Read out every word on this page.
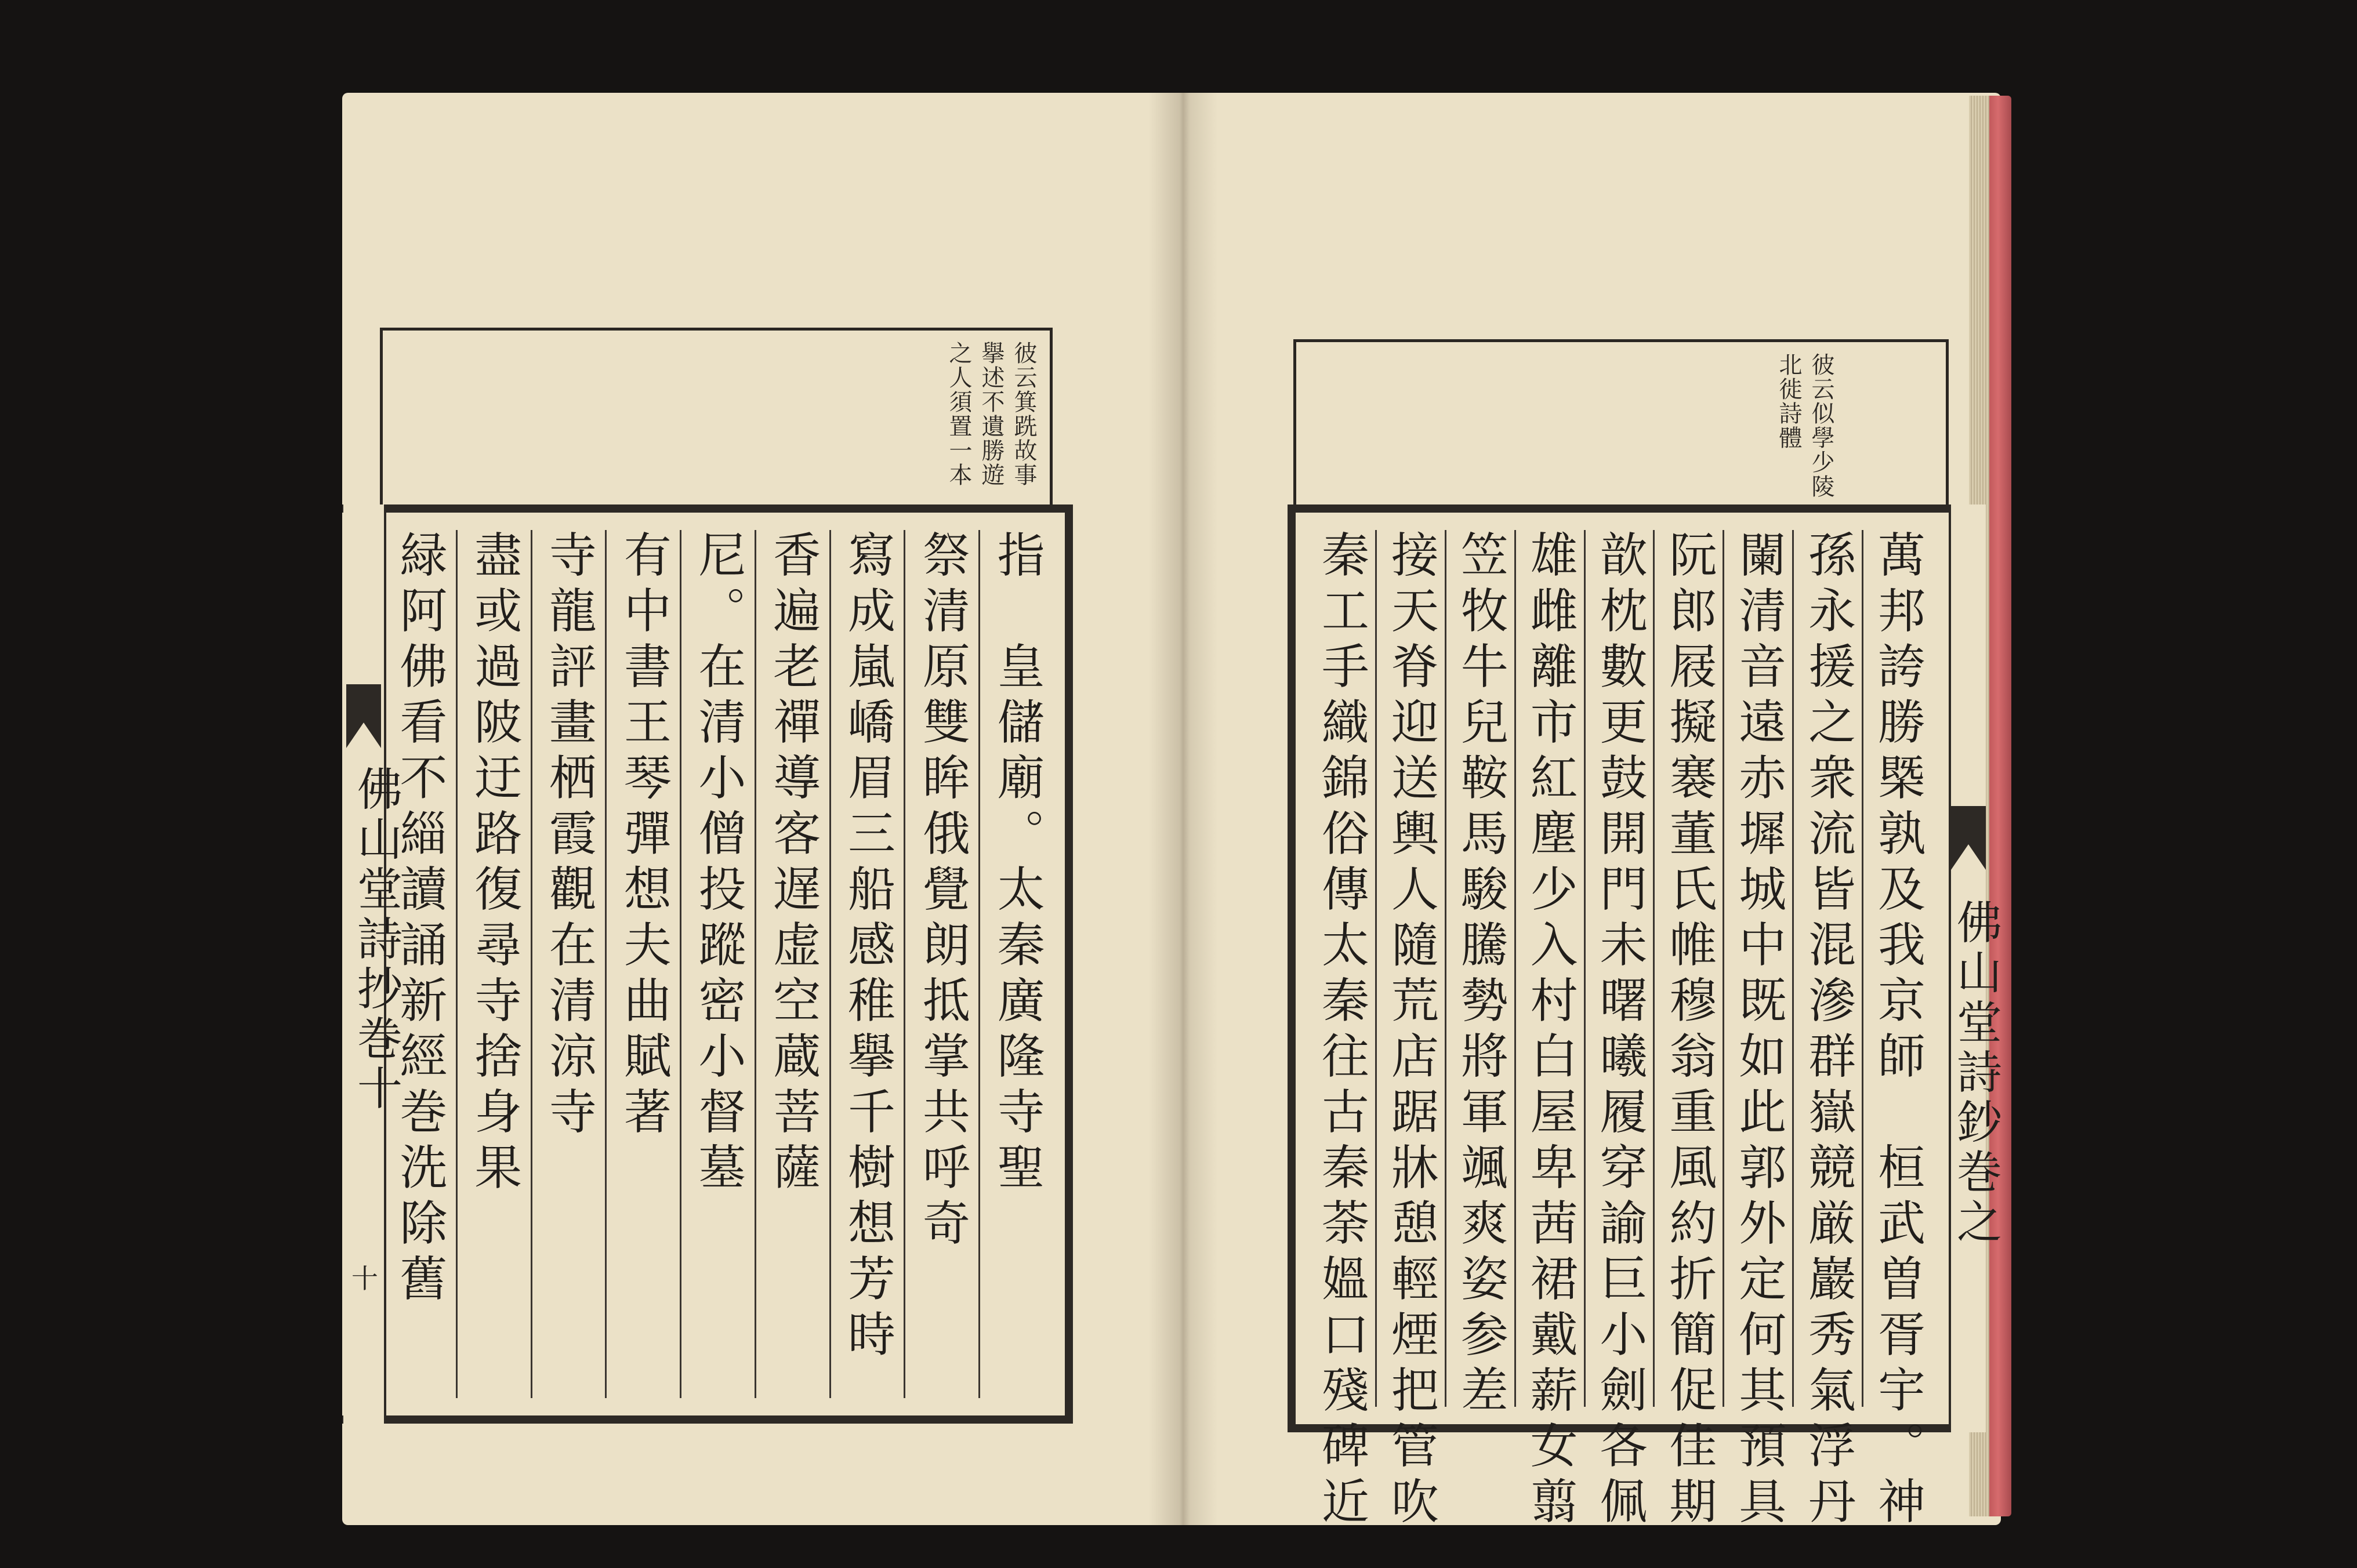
彼云箕跣故事
擧述不遺勝遊
之人須置一本	彼云似學少陵
北徙詩體
指　皇儲廟。太秦廣隆寺聖
祭清原雙眸俄覺朗抵掌共呼奇
寫成嵐嶠眉三船感稚擧千樹想芳時
香遍老禪導客遅虚空蔵菩薩
尼。在清小僧投蹤密小督墓
有中書王琴彈想夫曲賦著
寺龍評畫栖霞觀在清涼寺
盡或過陂迂路復尋寺捨身果
緑阿佛看不緇讀誦新經巻洗除舊	萬邦誇勝槩孰及我京師　桓武曽胥宇。神
孫永援之衆流皆混滲群嶽競厳巖秀氣浮丹
闌清音遠赤墀城中既如此郭外定何其預具
阮郎屐擬褰董氏帷穆翁重風約折簡促佳期
歆枕數更鼓開門未曙曦履穿諭巨小劍各佩
雄雌離市紅塵少入村白屋卑茜裙戴薪女翦
笠牧牛兒鞍馬駿騰勢將軍颯爽姿参差
接天脊迎送輿人隨荒店踞牀憩輕煙把管吹
秦工手織錦俗傳太秦往古秦荼媼口殘碑近
佛山堂詩抄巻十
十
佛山堂詩鈔巻之
